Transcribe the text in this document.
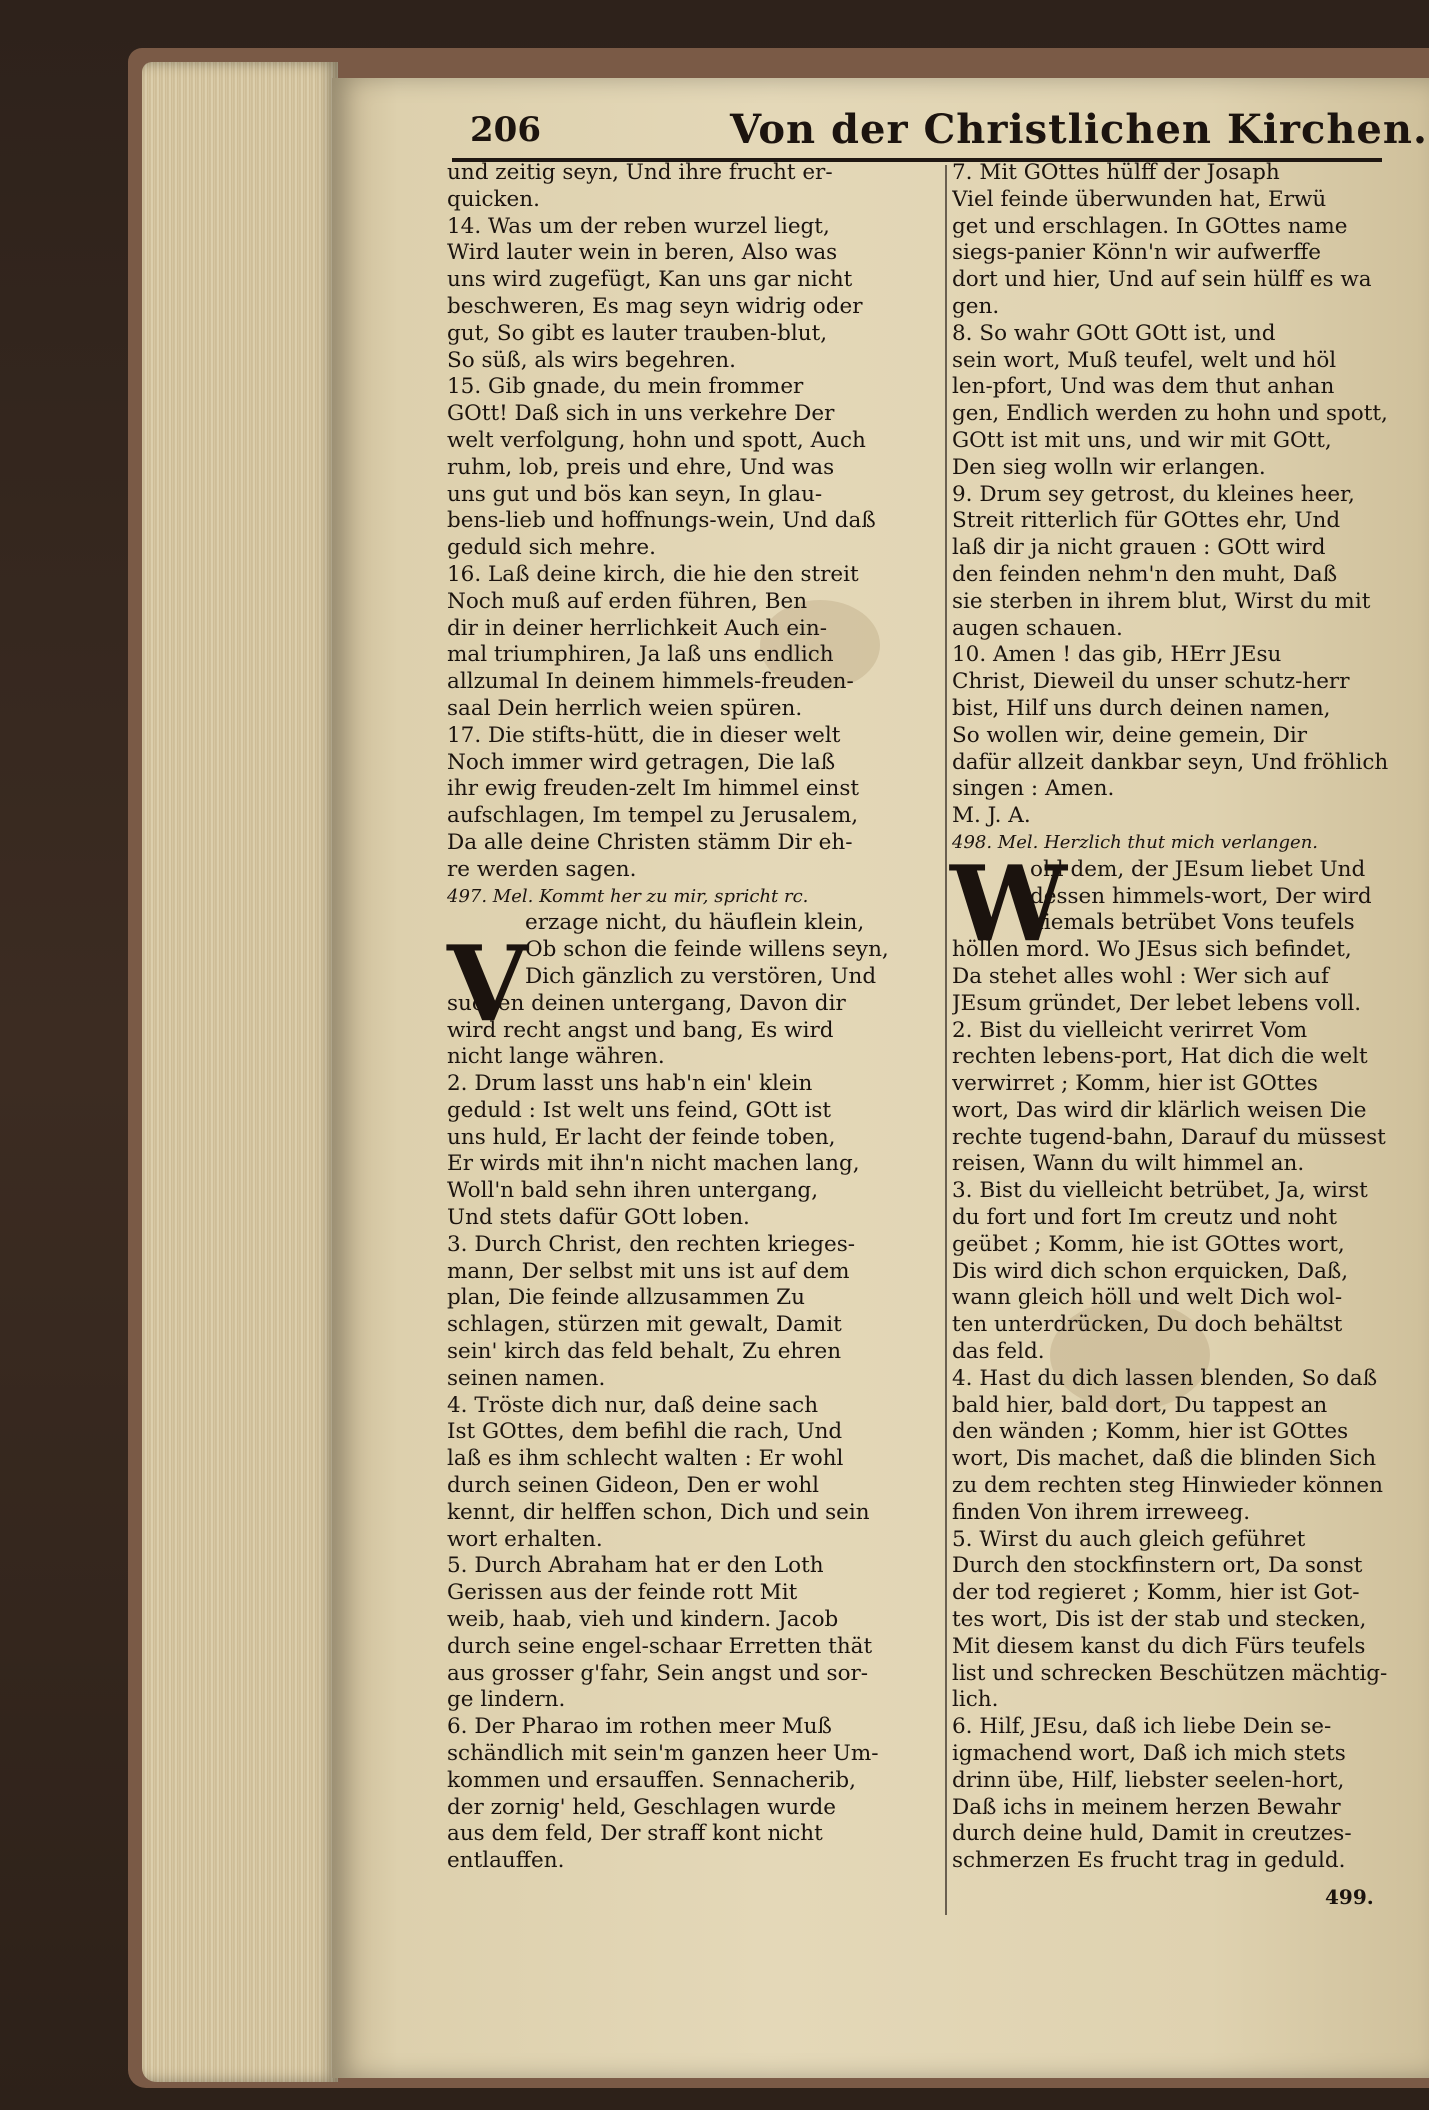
206	Von der Christlichen Kirchen.
und zeitig seyn, Und ihre frucht er-
quicken.
14. Was um der reben wurzel liegt,
Wird lauter wein in beren, Also was
uns wird zugefügt, Kan uns gar nicht
beschweren, Es mag seyn widrig oder
gut, So gibt es lauter trauben-blut,
So süß, als wirs begehren.
15. Gib gnade, du mein frommer
GOtt! Daß sich in uns verkehre Der
welt verfolgung, hohn und spott, Auch
ruhm, lob, preis und ehre, Und was
uns gut und bös kan seyn, In glau-
bens-lieb und hoffnungs-wein, Und daß
geduld sich mehre.
16. Laß deine kirch, die hie den streit
Noch muß auf erden führen, Ben
dir in deiner herrlichkeit Auch ein-
mal triumphiren, Ja laß uns endlich
allzumal In deinem himmels-freuden-
saal Dein herrlich weien spüren.
17. Die stifts-hütt, die in dieser welt
Noch immer wird getragen, Die laß
ihr ewig freuden-zelt Im himmel einst
aufschlagen, Im tempel zu Jerusalem,
Da alle deine Christen stämm Dir eh-
re werden sagen.
497. Mel. Kommt her zu mir, spricht rc.
erzage nicht, du häuflein klein,
Ob schon die feinde willens seyn,
Dich gänzlich zu verstören, Und
suchen deinen untergang, Davon dir
wird recht angst und bang, Es wird
nicht lange währen.
2. Drum lasst uns hab'n ein' klein
geduld : Ist welt uns feind, GOtt ist
uns huld, Er lacht der feinde toben,
Er wirds mit ihn'n nicht machen lang,
Woll'n bald sehn ihren untergang,
Und stets dafür GOtt loben.
3. Durch Christ, den rechten krieges-
mann, Der selbst mit uns ist auf dem
plan, Die feinde allzusammen Zu
schlagen, stürzen mit gewalt, Damit
sein' kirch das feld behalt, Zu ehren
seinen namen.
4. Tröste dich nur, daß deine sach
Ist GOttes, dem befihl die rach, Und
laß es ihm schlecht walten : Er wohl
durch seinen Gideon, Den er wohl
kennt, dir helffen schon, Dich und sein
wort erhalten.
5. Durch Abraham hat er den Loth
Gerissen aus der feinde rott Mit
weib, haab, vieh und kindern. Jacob
durch seine engel-schaar Erretten thät
aus grosser g'fahr, Sein angst und sor-
ge lindern.
6. Der Pharao im rothen meer Muß
schändlich mit sein'm ganzen heer Um-
kommen und ersauffen. Sennacherib,
der zornig' held, Geschlagen wurde
aus dem feld, Der straff kont nicht
entlauffen.
V
7. Mit GOttes hülff der Josaph
Viel feinde überwunden hat, Erwü
get und erschlagen. In GOttes name
siegs-panier Könn'n wir aufwerffe
dort und hier, Und auf sein hülff es wa
gen.
8. So wahr GOtt GOtt ist, und
sein wort, Muß teufel, welt und höl
len-pfort, Und was dem thut anhan
gen, Endlich werden zu hohn und spott,
GOtt ist mit uns, und wir mit GOtt,
Den sieg wolln wir erlangen.
9. Drum sey getrost, du kleines heer,
Streit ritterlich für GOttes ehr, Und
laß dir ja nicht grauen : GOtt wird
den feinden nehm'n den muht, Daß
sie sterben in ihrem blut, Wirst du mit
augen schauen.
10. Amen ! das gib, HErr JEsu
Christ, Dieweil du unser schutz-herr
bist, Hilf uns durch deinen namen,
So wollen wir, deine gemein, Dir
dafür allzeit dankbar seyn, Und fröhlich
singen : Amen.
M. J. A.
498. Mel. Herzlich thut mich verlangen.
ohl dem, der JEsum liebet Und
dessen himmels-wort, Der wird
niemals betrübet Vons teufels
höllen mord. Wo JEsus sich befindet,
Da stehet alles wohl : Wer sich auf
JEsum gründet, Der lebet lebens voll.
2. Bist du vielleicht verirret Vom
rechten lebens-port, Hat dich die welt
verwirret ; Komm, hier ist GOttes
wort, Das wird dir klärlich weisen Die
rechte tugend-bahn, Darauf du müssest
reisen, Wann du wilt himmel an.
3. Bist du vielleicht betrübet, Ja, wirst
du fort und fort Im creutz und noht
geübet ; Komm, hie ist GOttes wort,
Dis wird dich schon erquicken, Daß,
wann gleich höll und welt Dich wol-
ten unterdrücken, Du doch behältst
das feld.
4. Hast du dich lassen blenden, So daß
bald hier, bald dort, Du tappest an
den wänden ; Komm, hier ist GOttes
wort, Dis machet, daß die blinden Sich
zu dem rechten steg Hinwieder können
finden Von ihrem irreweeg.
5. Wirst du auch gleich geführet
Durch den stockfinstern ort, Da sonst
der tod regieret ; Komm, hier ist Got-
tes wort, Dis ist der stab und stecken,
Mit diesem kanst du dich Fürs teufels
list und schrecken Beschützen mächtig-
lich.
6. Hilf, JEsu, daß ich liebe Dein se-
igmachend wort, Daß ich mich stets
drinn übe, Hilf, liebster seelen-hort,
Daß ichs in meinem herzen Bewahr
durch deine huld, Damit in creutzes-
schmerzen Es frucht trag in geduld.
W
499.
